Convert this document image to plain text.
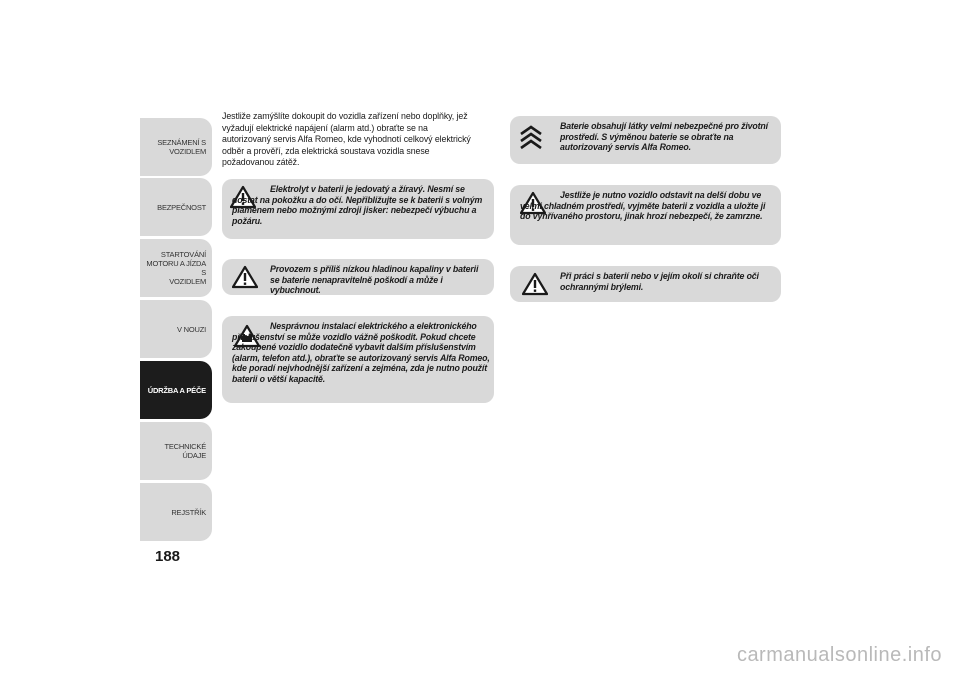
SEZNÁMENÍ S
VOZIDLEM
BEZPEČNOST
STARTOVÁNÍ
MOTORU A JÍZDA S
VOZIDLEM
V NOUZI
ÚDRŽBA A PÉČE
TECHNICKÉ ÚDAJE
REJSTŘÍK
188
Jestliže zamýšlíte dokoupit do vozidla zařízení nebo doplňky, jež vyžadují elektrické napájení (alarm atd.) obraťte se na autorizovaný servis Alfa Romeo, kde vyhodnotí celkový elektrický odběr a prověří, zda elektrická soustava vozidla snese požadovanou zátěž.
Elektrolyt v baterii je jedovatý a žíravý. Nesmí se dostat na pokožku a do očí. Nepřibližujte se k baterii s volným plamenem nebo možnými zdroji jisker: nebezpečí výbuchu a požáru.
Provozem s příliš nízkou hladinou kapaliny v baterii se baterie nenapravitelně poškodí a může i vybuchnout.
Nesprávnou instalací elektrického a elektronického příslušenství se může vozidlo vážně poškodit. Pokud chcete zakoupené vozidlo dodatečně vybavit dalším příslušenstvím (alarm, telefon atd.), obraťte se autorizovaný servis Alfa Romeo, kde poradí nejvhodnější zařízení a zejména, zda je nutno použít baterii o větší kapacitě.
Baterie obsahují látky velmi nebezpečné pro životní prostředí. S výměnou baterie se obraťte na autorizovaný servis Alfa Romeo.
Jestliže je nutno vozidlo odstavit na delší dobu ve velmi chladném prostředí, vyjměte baterii z vozidla a uložte ji do vyhřívaného prostoru, jinak hrozí nebezpečí, že zamrzne.
Při práci s baterií nebo v jejím okolí si chraňte oči ochrannými brýlemi.
carmanualsonline.info
